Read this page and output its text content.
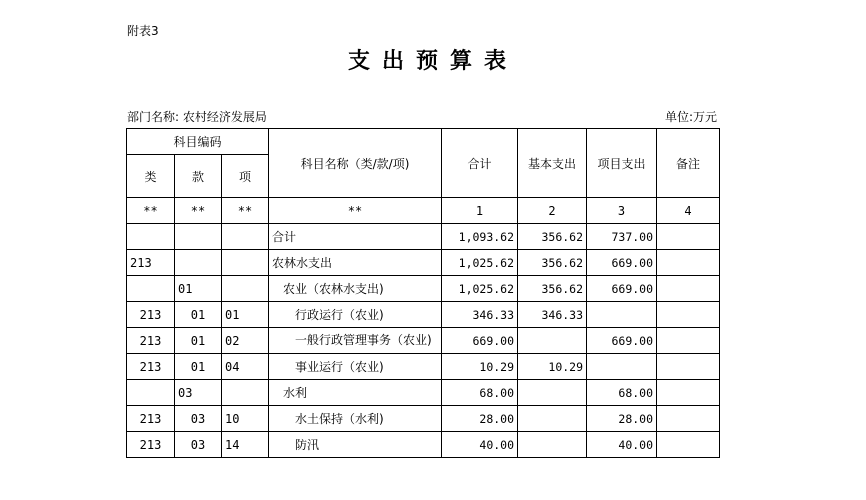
附表3
支出预算表
部门名称: 农村经济发展局	单位:万元
科目编码			科目名称（类/款/项)	合计	基本支出	项目支出	备注
类	款	项					
**	**	**	**	1	2	3	4
			合计	1,093.62	356.62	737.00	
213			农林水支出	1,025.62	356.62	669.00	
	01		农业（农林水支出)	1,025.62	356.62	669.00	
213	01	01	行政运行（农业)	346.33	346.33		
213	01	02	一般行政管理事务（农业)	669.00		669.00	
213	01	04	事业运行（农业)	10.29	10.29		
	03		水利	68.00		68.00	
213	03	10	水土保持（水利)	28.00		28.00	
213	03	14	防汛	40.00		40.00	
